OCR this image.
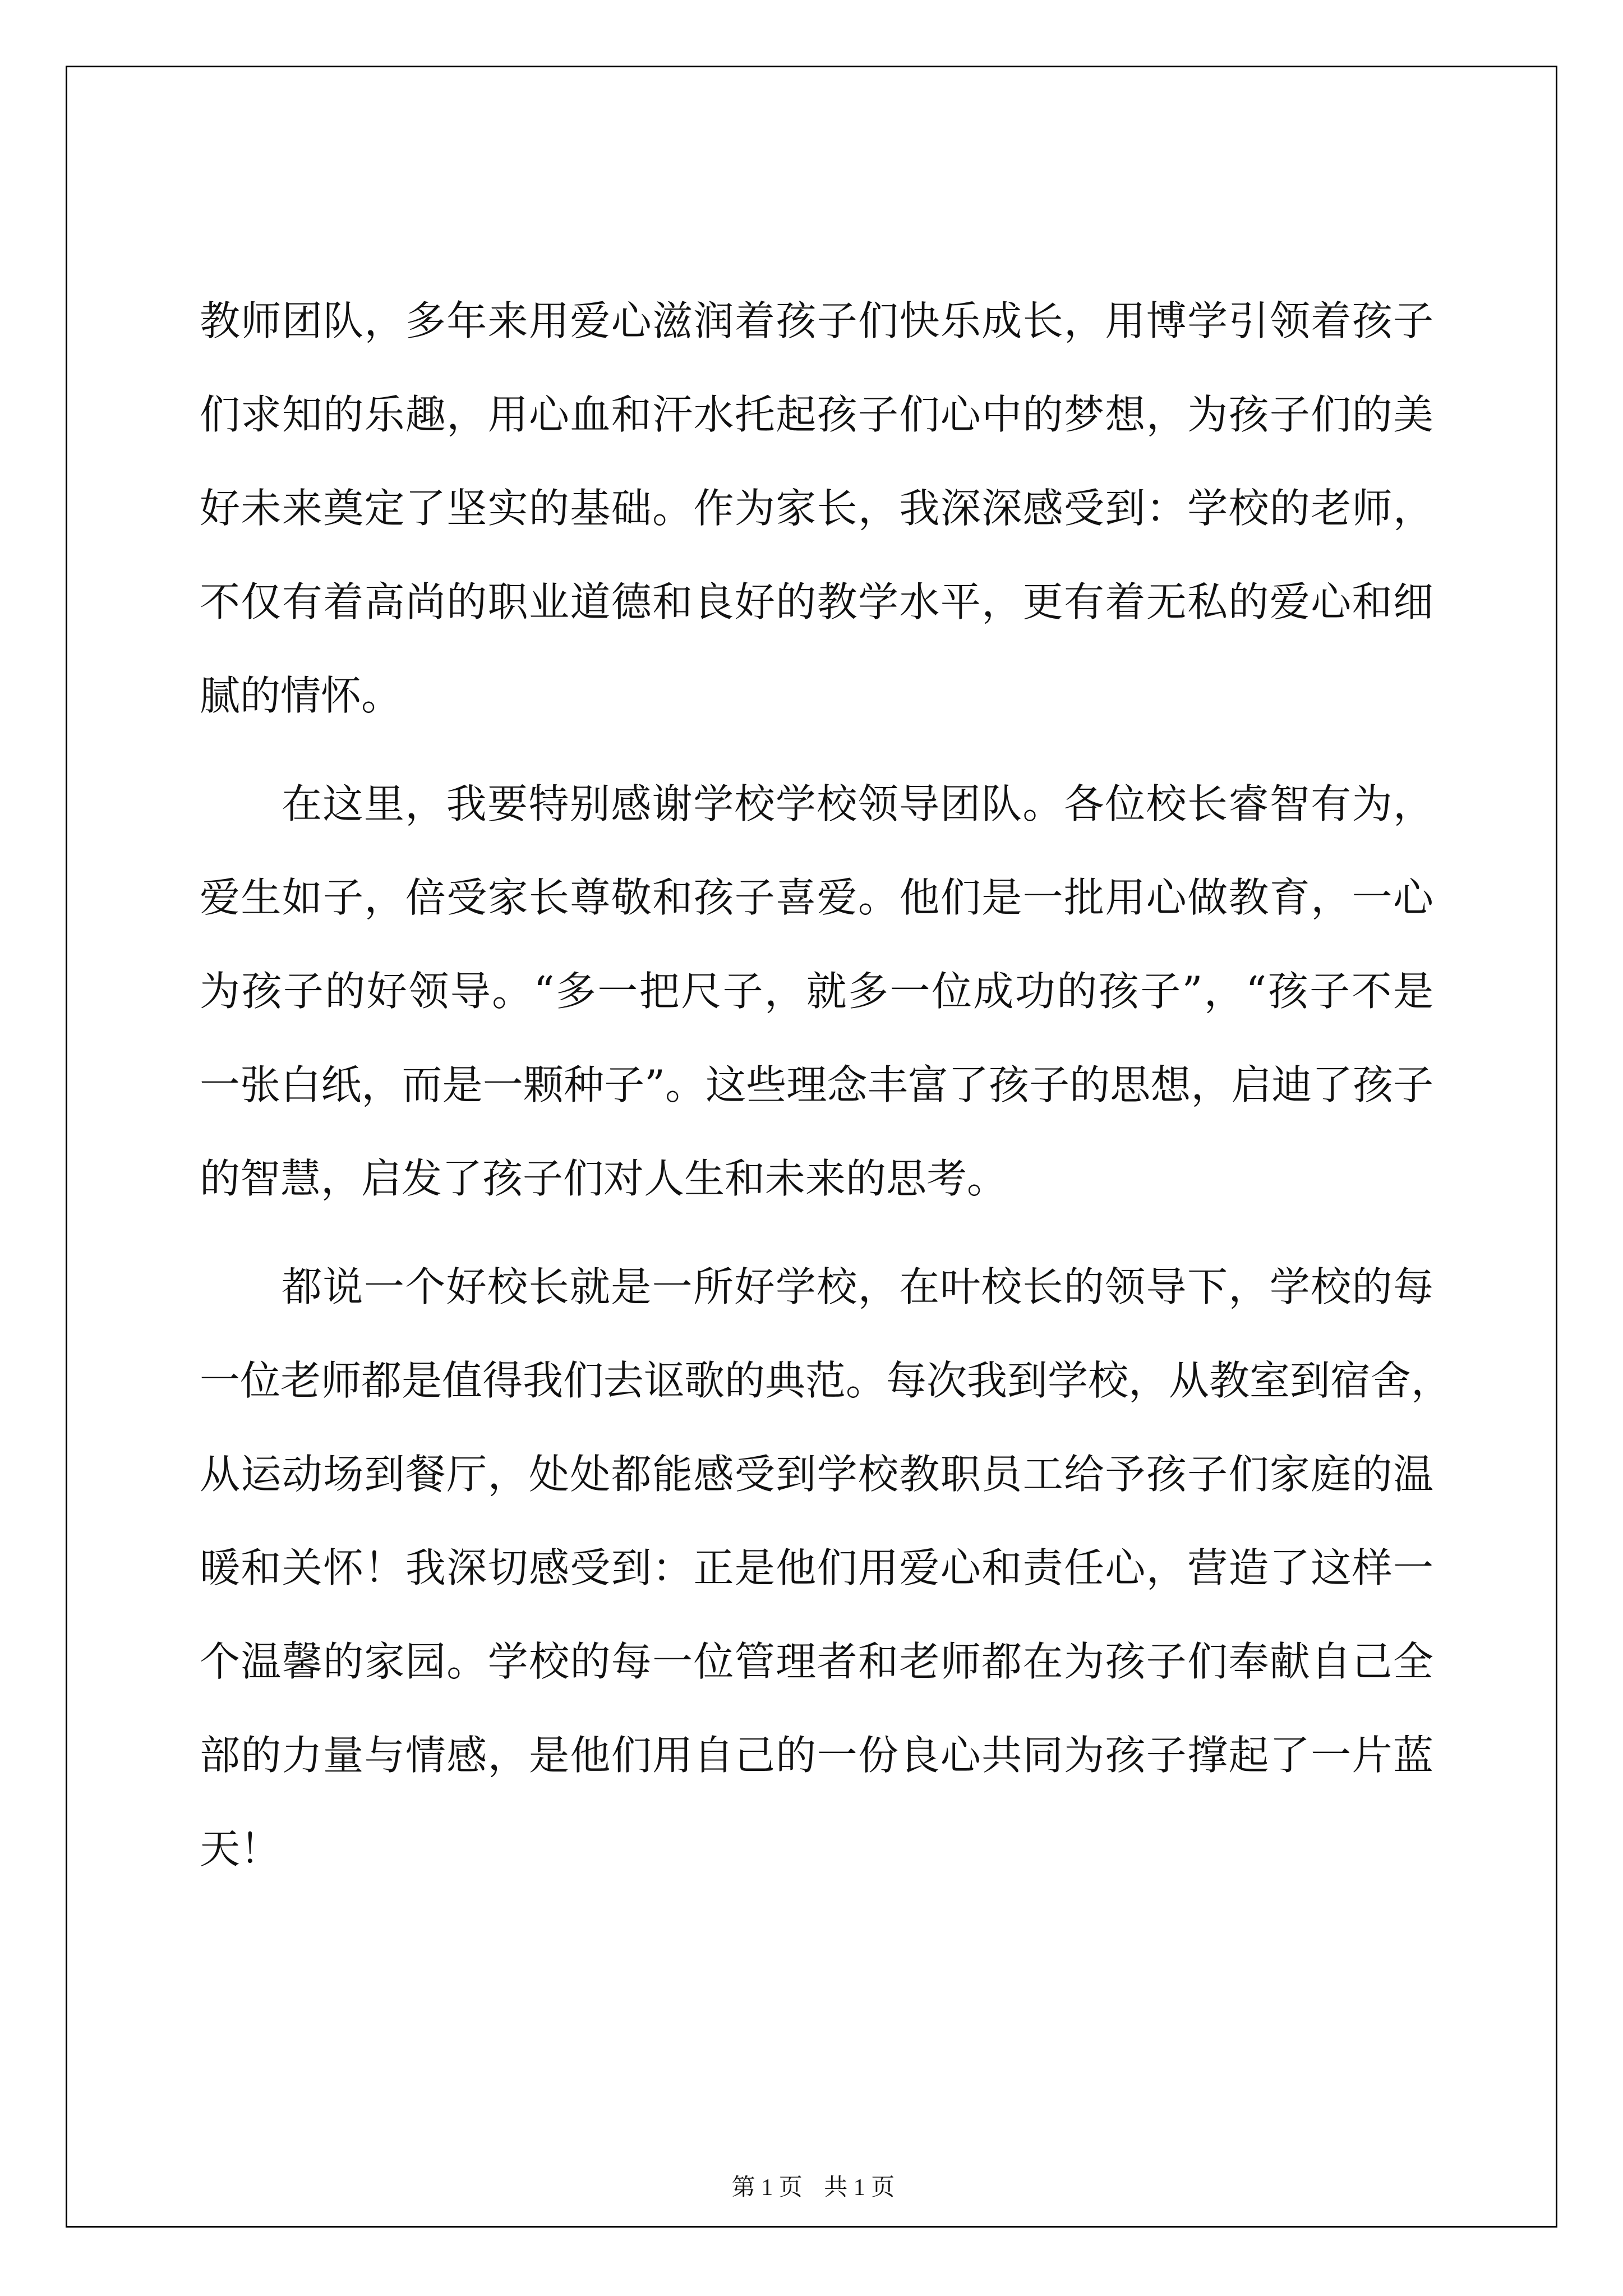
教师团队，多年来用爱心滋润着孩子们快乐成长，用博学引领着孩子
们求知的乐趣，用心血和汗水托起孩子们心中的梦想，为孩子们的美
好未来奠定了坚实的基础。作为家长，我深深感受到：学校的老师，
不仅有着高尚的职业道德和良好的教学水平，更有着无私的爱心和细
腻的情怀。
在这里，我要特别感谢学校学校领导团队。各位校长睿智有为，
爱生如子，倍受家长尊敬和孩子喜爱。他们是一批用心做教育，一心
为孩子的好领导。“多一把尺子，就多一位成功的孩子”，“孩子不是
一张白纸，而是一颗种子”。这些理念丰富了孩子的思想，启迪了孩子
的智慧，启发了孩子们对人生和未来的思考。
都说一个好校长就是一所好学校，在叶校长的领导下，学校的每
一位老师都是值得我们去讴歌的典范。每次我到学校，从教室到宿舍，
从运动场到餐厅，处处都能感受到学校教职员工给予孩子们家庭的温
暖和关怀！我深切感受到：正是他们用爱心和责任心，营造了这样一
个温馨的家园。学校的每一位管理者和老师都在为孩子们奉献自己全
部的力量与情感，是他们用自己的一份良心共同为孩子撑起了一片蓝
天！
第 1 页 共 1 页
